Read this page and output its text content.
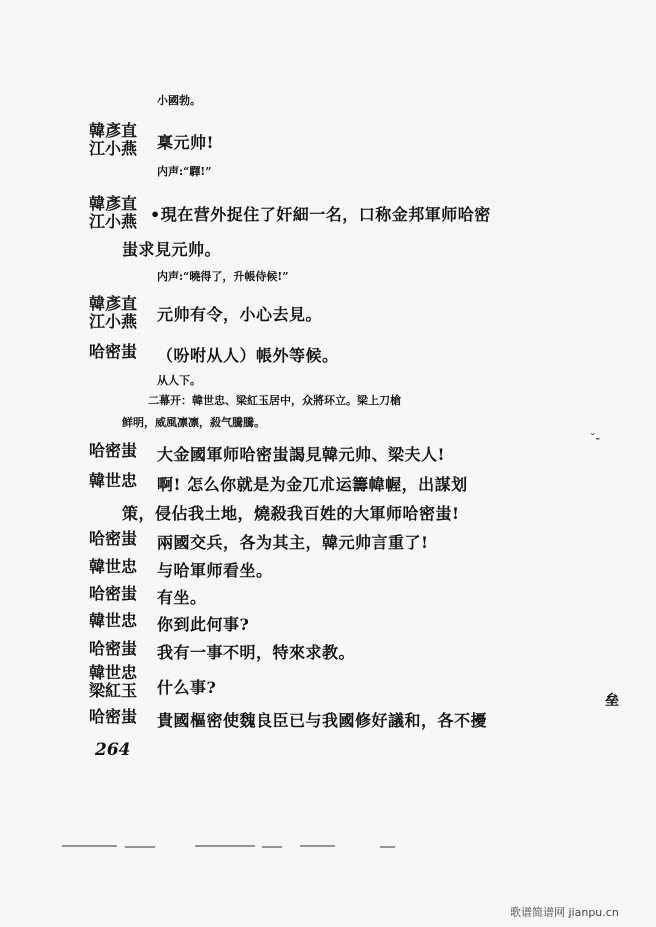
小國勃。
韓彥直
江小燕 稟元帅!
内声:“驛!”
韓彥直
江小燕 •現在营外捉住了奸細一名，口称金邦軍师哈密
蚩求見元帅。
内声:“曉得了，升帳侍候!”
韓彥直
江小燕 元帅有令，小心去見。
哈密蚩 （吩咐从人）帳外等候。
从人下。
二幕开：韓世忠、梁紅玉居中，众將环立。梁上刀槍
鲜明，威風凛凛，殺气騰騰。
哈密蚩 大金國軍师哈密蚩謁見韓元帅、梁夫人!
韓世忠 啊! 怎么你就是为金兀朮运籌幃幄，出謀划
策，侵佔我土地，燒殺我百姓的大軍师哈密蚩!
哈密蚩 兩國交兵，各为其主，韓元帅言重了!
韓世忠 与哈軍师看坐。
哈密蚩 有坐。
韓世忠 你到此何事?
哈密蚩 我有一事不明，特來求教。
韓世忠
梁紅玉 什么事?
哈密蚩 貴國樞密使魏良臣已与我國修好議和，各不擾
264
垒
ˇ-
歌谱简谱网 jianpu.cn
